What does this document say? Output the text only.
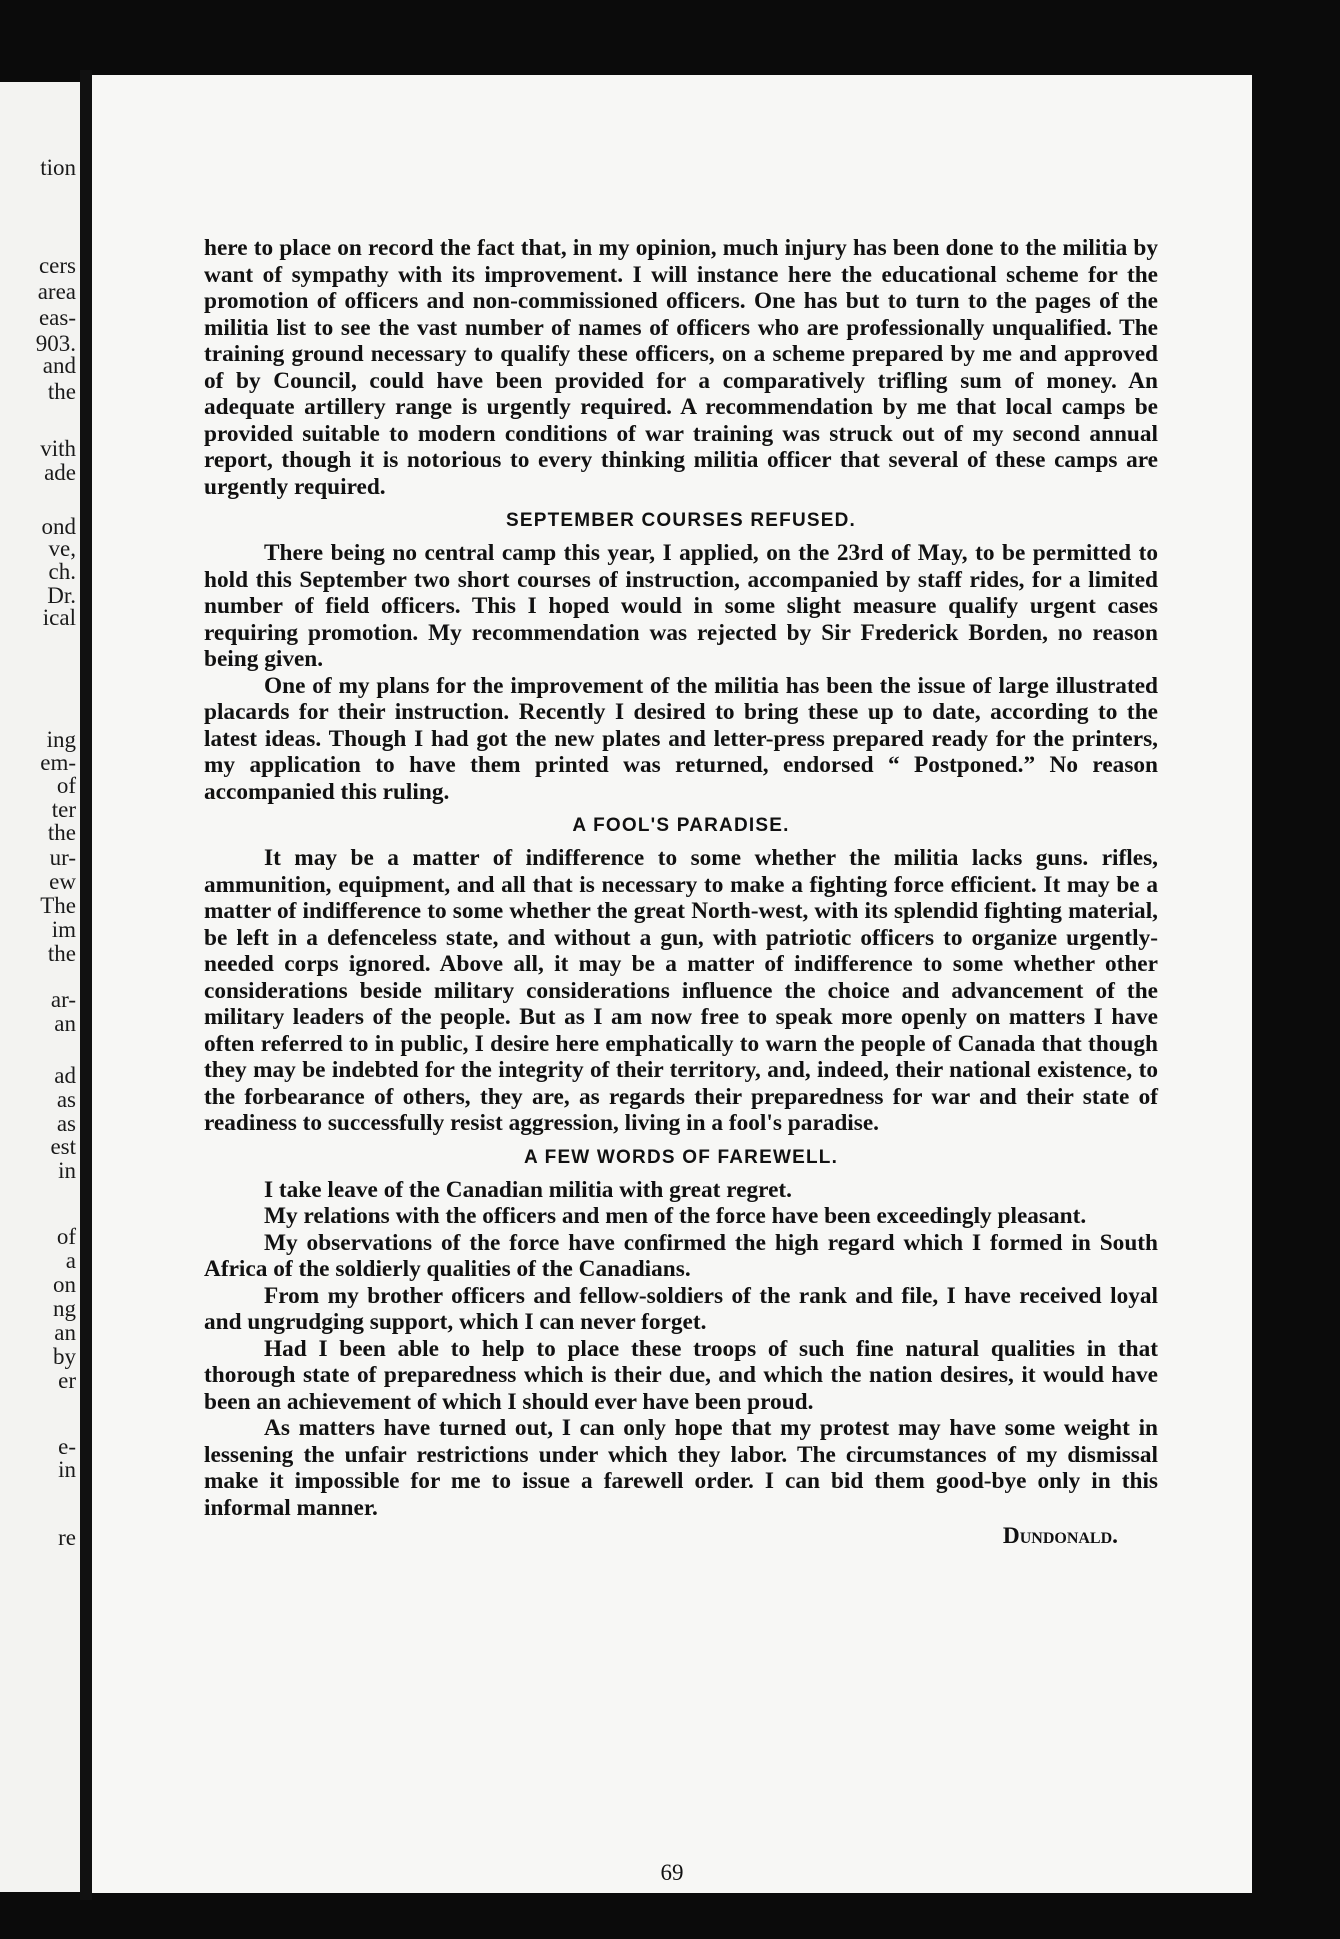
tion
cers
area
eas-
903.
and
the
vith
ade
ond
ve,
ch.
Dr.
ical
ing
em-
of
ter
the
ur-
ew
The
im
the
ar-
an
ad
as
as
est
in
of
a
on
ng
an
by
er
e-
in
re

here to place on record the fact that, in my opinion, much injury has been done to the militia by want of sympathy with its improvement. I will instance here the educational scheme for the promotion of officers and non-commissioned officers. One has but to turn to the pages of the militia list to see the vast number of names of officers who are professionally unqualified. The training ground necessary to qualify these officers, on a scheme prepared by me and approved of by Council, could have been provided for a comparatively trifling sum of money. An adequate artillery range is urgently required. A recommendation by me that local camps be provided suitable to modern conditions of war training was struck out of my second annual report, though it is notorious to every thinking militia officer that several of these camps are urgently required.

SEPTEMBER COURSES REFUSED.

There being no central camp this year, I applied, on the 23rd of May, to be permitted to hold this September two short courses of instruction, accompanied by staff rides, for a limited number of field officers. This I hoped would in some slight measure qualify urgent cases requiring promotion. My recommendation was rejected by Sir Frederick Borden, no reason being given.

One of my plans for the improvement of the militia has been the issue of large illustrated placards for their instruction. Recently I desired to bring these up to date, according to the latest ideas. Though I had got the new plates and letter-press prepared ready for the printers, my application to have them printed was returned, endorsed “ Postponed.” No reason accompanied this ruling.

A FOOL'S PARADISE.

It may be a matter of indifference to some whether the militia lacks guns. rifles, ammunition, equipment, and all that is necessary to make a fighting force efficient. It may be a matter of indifference to some whether the great North-west, with its splendid fighting material, be left in a defenceless state, and without a gun, with patriotic officers to organize urgently-needed corps ignored. Above all, it may be a matter of indifference to some whether other considerations beside military considerations influence the choice and advancement of the military leaders of the people. But as I am now free to speak more openly on matters I have often referred to in public, I desire here emphatically to warn the people of Canada that though they may be indebted for the integrity of their territory, and, indeed, their national existence, to the forbearance of others, they are, as regards their preparedness for war and their state of readiness to successfully resist aggression, living in a fool's paradise.

A FEW WORDS OF FAREWELL.

I take leave of the Canadian militia with great regret.

My relations with the officers and men of the force have been exceedingly pleasant.

My observations of the force have confirmed the high regard which I formed in South Africa of the soldierly qualities of the Canadians.

From my brother officers and fellow-soldiers of the rank and file, I have received loyal and ungrudging support, which I can never forget.

Had I been able to help to place these troops of such fine natural qualities in that thorough state of preparedness which is their due, and which the nation desires, it would have been an achievement of which I should ever have been proud.

As matters have turned out, I can only hope that my protest may have some weight in lessening the unfair restrictions under which they labor. The circumstances of my dismissal make it impossible for me to issue a farewell order. I can bid them good-bye only in this informal manner.

Dundonald.
69
